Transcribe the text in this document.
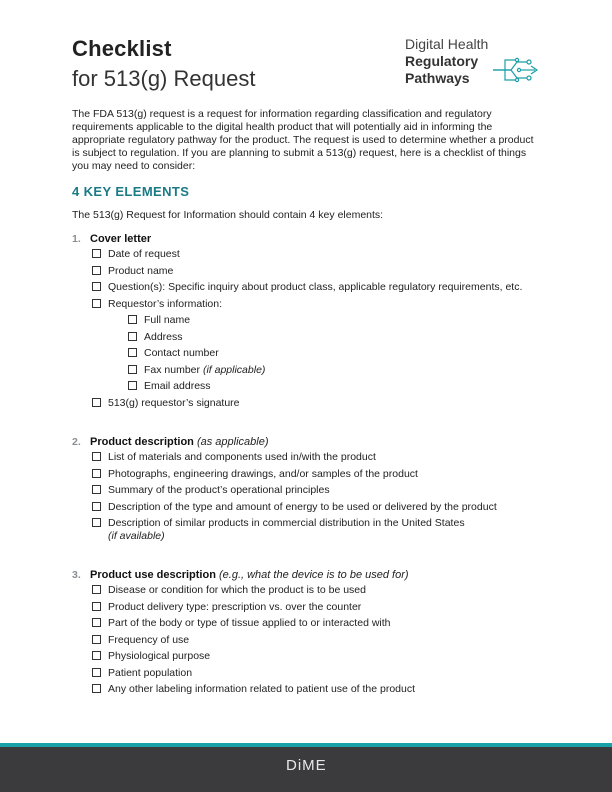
Checklist
for 513(g) Request
Digital Health
Regulatory
Pathways

The FDA 513(g) request is a request for information regarding classification and regulatory requirements applicable to the digital health product that will potentially aid in informing the appropriate regulatory pathway for the product. The request is used to determine whether a product is subject to regulation. If you are planning to submit a 513(g) request, here is a checklist of things you may need to consider:

4 KEY ELEMENTS
The 513(g) Request for Information should contain 4 key elements:
1. Cover letter
Date of request
Product name
Question(s): Specific inquiry about product class, applicable regulatory requirements, etc.
Requestor’s information:
Full name
Address
Contact number
Fax number (if applicable)
Email address
513(g) requestor’s signature
2. Product description (as applicable)
List of materials and components used in/with the product
Photographs, engineering drawings, and/or samples of the product
Summary of the product’s operational principles
Description of the type and amount of energy to be used or delivered by the product
Description of similar products in commercial distribution in the United States
(if available)
3. Product use description (e.g., what the device is to be used for)
Disease or condition for which the product is to be used
Product delivery type: prescription vs. over the counter
Part of the body or type of tissue applied to or interacted with
Frequency of use
Physiological purpose
Patient population
Any other labeling information related to patient use of the product
DiME
